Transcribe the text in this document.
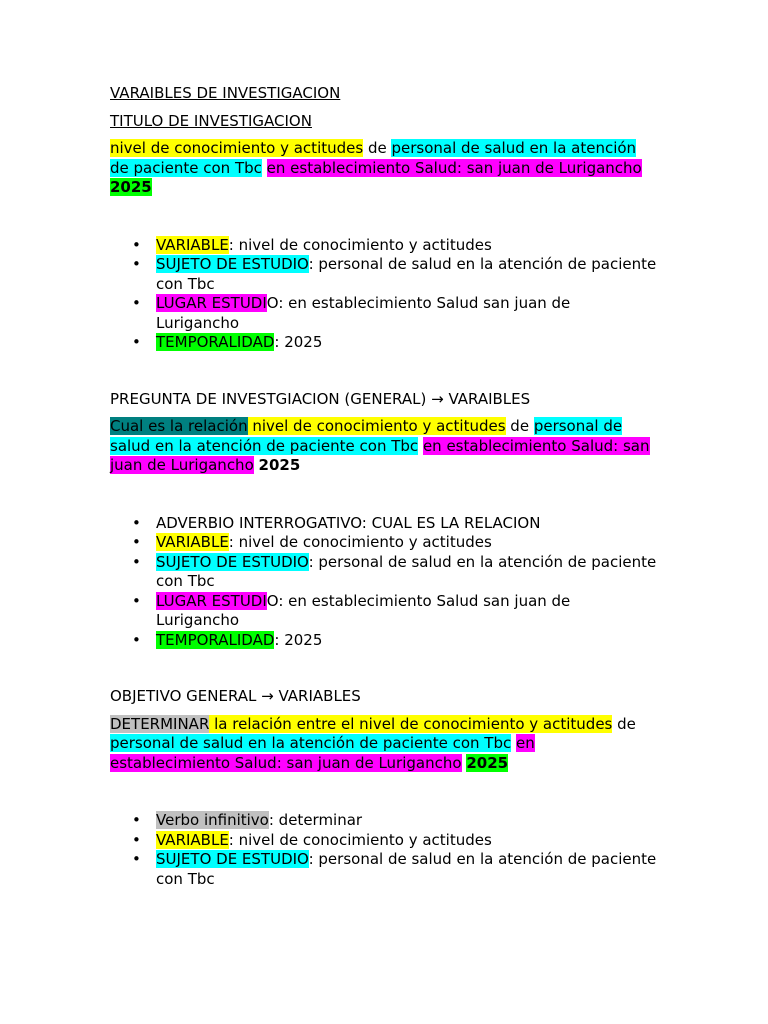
VARAIBLES DE INVESTIGACION

TITULO DE INVESTIGACION

nivel de conocimiento y actitudes de personal de salud en la atención de paciente con Tbc en establecimiento Salud: san juan de Lurigancho 2025

• VARIABLE: nivel de conocimiento y actitudes
• SUJETO DE ESTUDIO: personal de salud en la atención de paciente con Tbc
• LUGAR ESTUDIO: en establecimiento Salud san juan de Lurigancho
• TEMPORALIDAD: 2025

PREGUNTA DE INVESTGIACION (GENERAL) → VARAIBLES

Cual es la relación nivel de conocimiento y actitudes de personal de salud en la atención de paciente con Tbc en establecimiento Salud: san juan de Lurigancho 2025

• ADVERBIO INTERROGATIVO: CUAL ES LA RELACION
• VARIABLE: nivel de conocimiento y actitudes
• SUJETO DE ESTUDIO: personal de salud en la atención de paciente con Tbc
• LUGAR ESTUDIO: en establecimiento Salud san juan de Lurigancho
• TEMPORALIDAD: 2025

OBJETIVO GENERAL → VARIABLES

DETERMINAR la relación entre el nivel de conocimiento y actitudes de personal de salud en la atención de paciente con Tbc en establecimiento Salud: san juan de Lurigancho 2025

• Verbo infinitivo: determinar
• VARIABLE: nivel de conocimiento y actitudes
• SUJETO DE ESTUDIO: personal de salud en la atención de paciente con Tbc
